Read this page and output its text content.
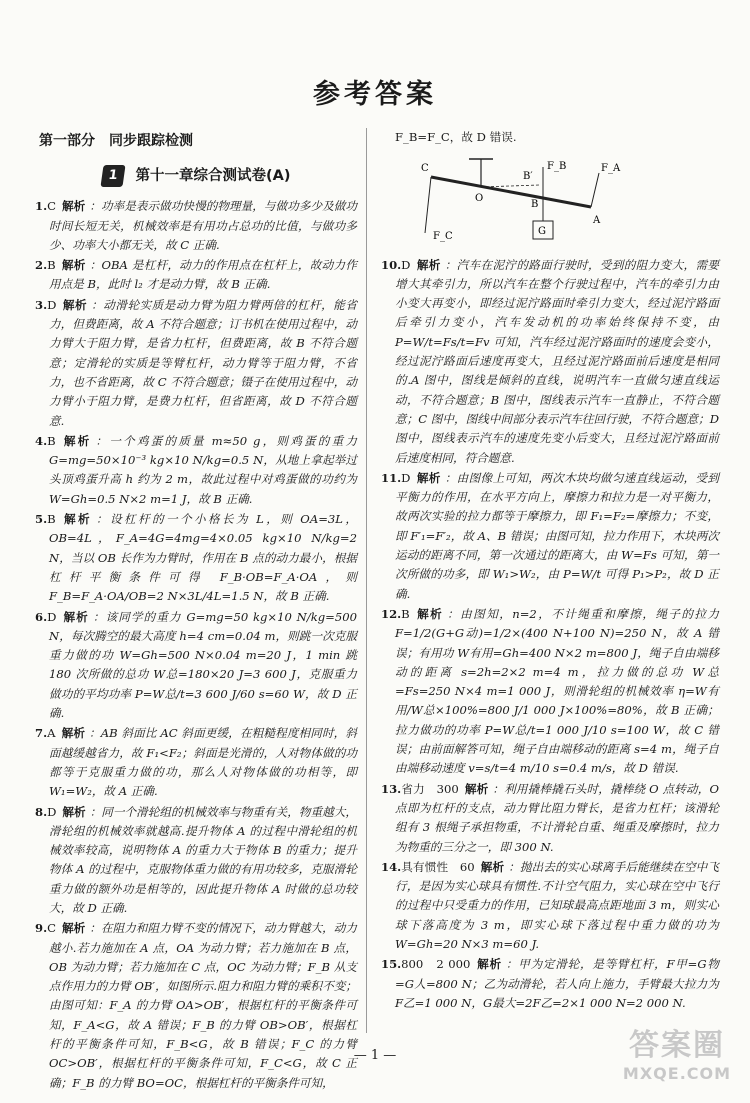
参考答案
第一部分　同步跟踪检测
1	第十一章综合测试卷(A)
1.C 解析 ：功率是表示做功快慢的物理量，与做功多少及做功时间长短无关，机械效率是有用功占总功的比值，与做功多少、功率大小都无关，故 C 正确.
2.B 解析 ：OBA 是杠杆，动力的作用点在杠杆上，故动力作用点是 B，此时 l₂ 才是动力臂，故 B 正确.
3.D 解析 ：动滑轮实质是动力臂为阻力臂两倍的杠杆，能省力，但费距离，故 A 不符合题意；订书机在使用过程中，动力臂大于阻力臂，是省力杠杆，但费距离，故 B 不符合题意；定滑轮的实质是等臂杠杆，动力臂等于阻力臂，不省力，也不省距离，故 C 不符合题意；镊子在使用过程中，动力臂小于阻力臂，是费力杠杆，但省距离，故 D 不符合题意.
4.B 解析 ：一个鸡蛋的质量 m≈50 g，则鸡蛋的重力 G=mg=50×10⁻³ kg×10 N/kg=0.5 N，从地上拿起举过头顶鸡蛋升高 h 约为 2 m，故此过程中对鸡蛋做的功约为 W=Gh=0.5 N×2 m=1 J，故 B 正确.
5.B 解析 ：设杠杆的一个小格长为 L，则 OA=3L，OB=4L，F_A=4G=4mg=4×0.05 kg×10 N/kg=2 N，当以 OB 长作为力臂时，作用在 B 点的动力最小，根据杠杆平衡条件可得 F_B·OB=F_A·OA，则 F_B=F_A·OA/OB=2 N×3L/4L=1.5 N，故 B 正确.
6.D 解析 ：该同学的重力 G=mg=50 kg×10 N/kg=500 N，每次腾空的最大高度 h=4 cm=0.04 m，则跳一次克服重力做的功 W=Gh=500 N×0.04 m=20 J，1 min 跳 180 次所做的总功 W总=180×20 J=3 600 J，克服重力做功的平均功率 P=W总/t=3 600 J/60 s=60 W，故 D 正确.
7.A 解析 ：AB 斜面比 AC 斜面更缓，在粗糙程度相同时，斜面越缓越省力，故 F₁<F₂；斜面是光滑的，人对物体做的功都等于克服重力做的功，那么人对物体做的功相等，即 W₁=W₂，故 A 正确.
8.D 解析 ：同一个滑轮组的机械效率与物重有关，物重越大，滑轮组的机械效率就越高.提升物体 A 的过程中滑轮组的机械效率较高，说明物体 A 的重力大于物体 B 的重力；提升物体 A 的过程中，克服物体重力做的有用功较多，克服滑轮重力做的额外功是相等的，因此提升物体 A 时做的总功较大，故 D 正确.
9.C 解析 ：在阻力和阻力臂不变的情况下，动力臂越大，动力越小.若力施加在 A 点，OA 为动力臂；若力施加在 B 点，OB 为动力臂；若力施加在 C 点，OC 为动力臂；F_B 从支点作用力的力臂 OB′，如图所示.阻力和阻力臂的乘积不变；由图可知：F_A 的力臂 OA>OB′，根据杠杆的平衡条件可知，F_A<G，故 A 错误；F_B 的力臂 OB>OB′，根据杠杆的平衡条件可知，F_B<G，故 B 错误；F_C 的力臂 OC>OB′，根据杠杆的平衡条件可知，F_C<G，故 C 正确；F_B 的力臂 BO=OC，根据杠杆的平衡条件可知，
F_B=F_C，故 D 错误.
C
O
B′
B
A
F_B	F_A
F_C	G
10.D 解析 ：汽车在泥泞的路面行驶时，受到的阻力变大，需要增大其牵引力，所以汽车在整个行驶过程中，汽车的牵引力由小变大再变小，即经过泥泞路面时牵引力变大，经过泥泞路面后牵引力变小，汽车发动机的功率始终保持不变，由 P=W/t=Fs/t=Fv 可知，汽车经过泥泞路面时的速度会变小，经过泥泞路面后速度再变大，且经过泥泞路面前后速度是相同的.A 图中，图线是倾斜的直线，说明汽车一直做匀速直线运动，不符合题意；B 图中，图线表示汽车一直静止，不符合题意；C 图中，图线中间部分表示汽车往回行驶，不符合题意；D 图中，图线表示汽车的速度先变小后变大，且经过泥泞路面前后速度相同，符合题意.
11.D 解析 ：由图像上可知，两次木块均做匀速直线运动，受到平衡力的作用，在水平方向上，摩擦力和拉力是一对平衡力，故两次实验的拉力都等于摩擦力，即 F₁=F₂=摩擦力；不变，即 F′₁=F′₂，故 A、B 错误；由图可知，拉力作用下，木块两次运动的距离不同，第一次通过的距离大，由 W=Fs 可知，第一次所做的功多，即 W₁>W₂，由 P=W/t 可得 P₁>P₂，故 D 正确.
12.B 解析 ：由图知，n=2，不计绳重和摩擦，绳子的拉力 F=1/2(G+G动)=1/2×(400 N+100 N)=250 N，故 A 错误；有用功 W有用=Gh=400 N×2 m=800 J，绳子自由端移动的距离 s=2h=2×2 m=4 m，拉力做的总功 W总=Fs=250 N×4 m=1 000 J，则滑轮组的机械效率 η=W有用/W总×100%=800 J/1 000 J×100%=80%，故 B 正确；拉力做功的功率 P=W总/t=1 000 J/10 s=100 W，故 C 错误；由前面解答可知，绳子自由端移动的距离 s=4 m，绳子自由端移动速度 v=s/t=4 m/10 s=0.4 m/s，故 D 错误.
13.省力　300 解析 ：利用撬棒撬石头时，撬棒绕 O 点转动，O 点即为杠杆的支点，动力臂比阻力臂长，是省力杠杆；该滑轮组有 3 根绳子承担物重，不计滑轮自重、绳重及摩擦时，拉力为物重的三分之一，即 300 N.
14.具有惯性　60 解析 ：抛出去的实心球离手后能继续在空中飞行，是因为实心球具有惯性.不计空气阻力，实心球在空中飞行的过程中只受重力的作用，已知球最高点距地面 3 m，则实心球下落高度为 3 m，即实心球下落过程中重力做的功为 W=Gh=20 N×3 m=60 J.
15.800　2 000 解析 ：甲为定滑轮，是等臂杠杆，F甲=G物=G人=800 N；乙为动滑轮，若人向上施力，手臂最大拉力为 F乙=1 000 N，G最大=2F乙=2×1 000 N=2 000 N.
— 1 —	答案圈
MXQE.COM
